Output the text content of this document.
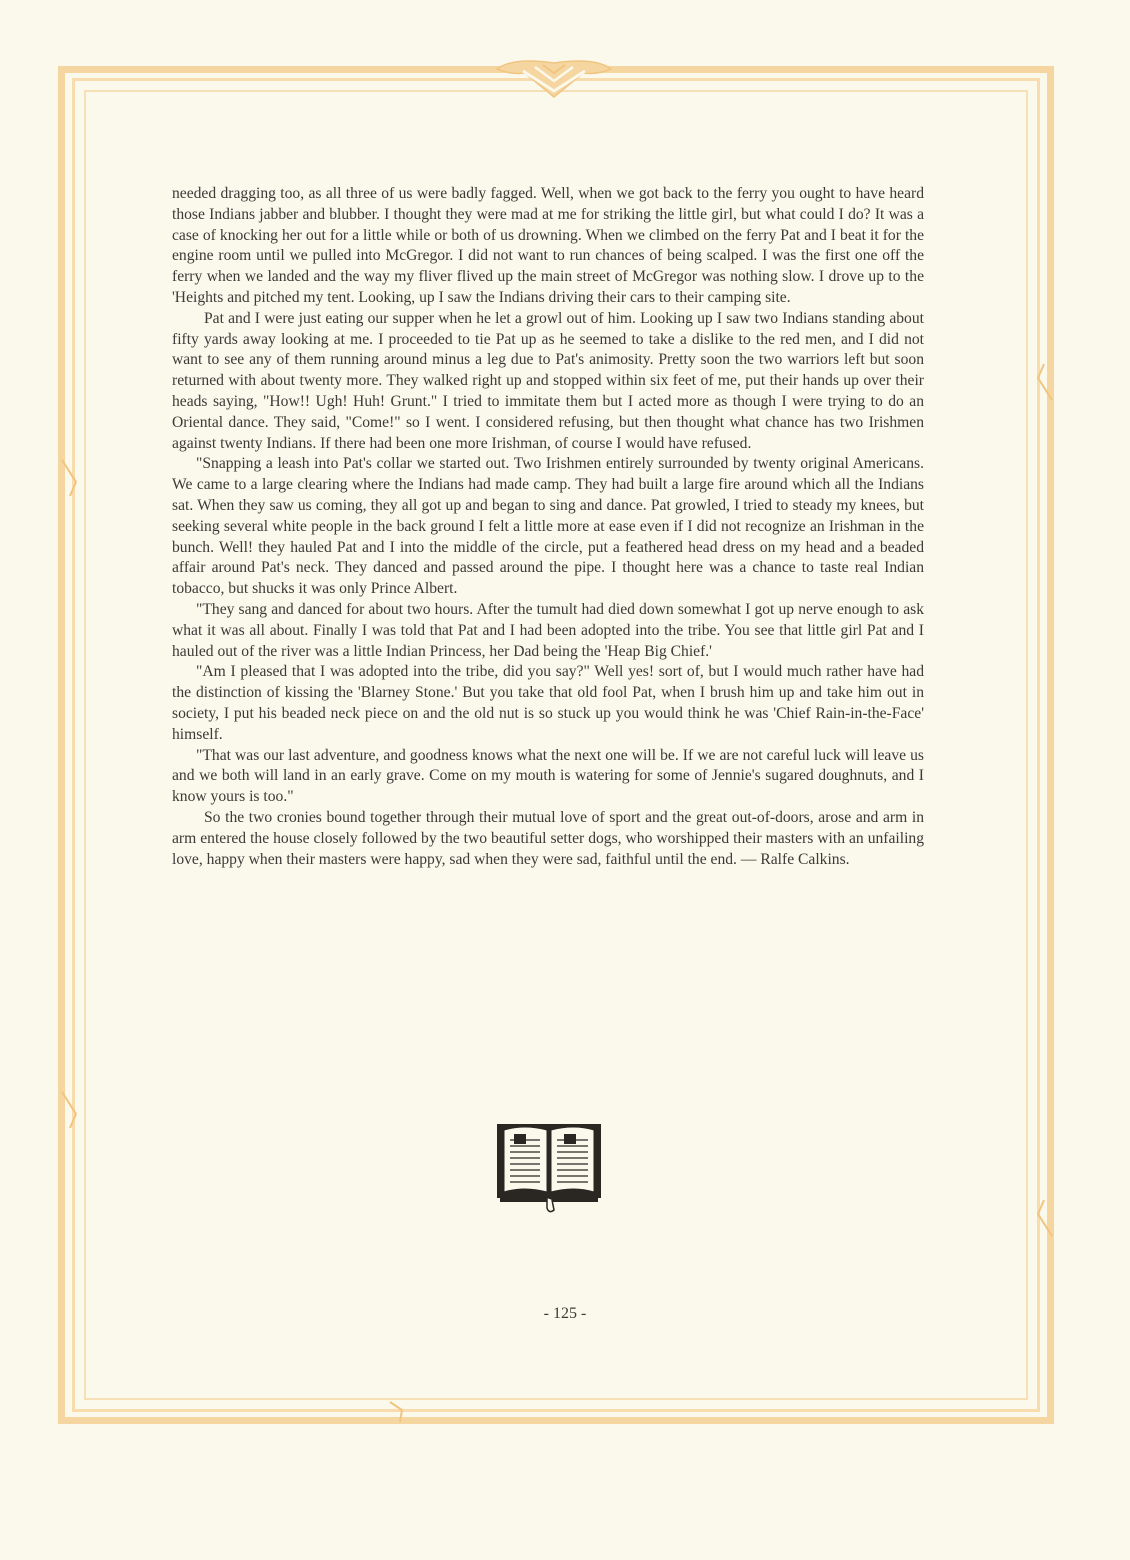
needed dragging too, as all three of us were badly fagged. Well, when we got back to the ferry you ought to have heard those Indians jabber and blubber. I thought they were mad at me for striking the little girl, but what could I do? It was a case of knocking her out for a little while or both of us drowning. When we climbed on the ferry Pat and I beat it for the engine room until we pulled into McGregor. I did not want to run chances of being scalped. I was the first one off the ferry when we landed and the way my fliver flived up the main street of McGregor was nothing slow. I drove up to the 'Heights and pitched my tent. Looking, up I saw the Indians driving their cars to their camping site.

Pat and I were just eating our supper when he let a growl out of him. Looking up I saw two Indians standing about fifty yards away looking at me. I proceeded to tie Pat up as he seemed to take a dislike to the red men, and I did not want to see any of them running around minus a leg due to Pat's animosity. Pretty soon the two warriors left but soon returned with about twenty more. They walked right up and stopped within six feet of me, put their hands up over their heads saying, "How!! Ugh! Huh! Grunt." I tried to immitate them but I acted more as though I were trying to do an Oriental dance. They said, "Come!" so I went. I considered refusing, but then thought what chance has two Irishmen against twenty Indians. If there had been one more Irishman, of course I would have refused.

"Snapping a leash into Pat's collar we started out. Two Irishmen entirely surrounded by twenty original Americans. We came to a large clearing where the Indians had made camp. They had built a large fire around which all the Indians sat. When they saw us coming, they all got up and began to sing and dance. Pat growled, I tried to steady my knees, but seeking several white people in the back ground I felt a little more at ease even if I did not recognize an Irishman in the bunch. Well! they hauled Pat and I into the middle of the circle, put a feathered head dress on my head and a beaded affair around Pat's neck. They danced and passed around the pipe. I thought here was a chance to taste real Indian tobacco, but shucks it was only Prince Albert.

"They sang and danced for about two hours. After the tumult had died down somewhat I got up nerve enough to ask what it was all about. Finally I was told that Pat and I had been adopted into the tribe. You see that little girl Pat and I hauled out of the river was a little Indian Princess, her Dad being the 'Heap Big Chief.'

"Am I pleased that I was adopted into the tribe, did you say?" Well yes! sort of, but I would much rather have had the distinction of kissing the 'Blarney Stone.' But you take that old fool Pat, when I brush him up and take him out in society, I put his beaded neck piece on and the old nut is so stuck up you would think he was 'Chief Rain-in-the-Face' himself.

"That was our last adventure, and goodness knows what the next one will be. If we are not careful luck will leave us and we both will land in an early grave. Come on my mouth is watering for some of Jennie's sugared doughnuts, and I know yours is too."

So the two cronies bound together through their mutual love of sport and the great out-of-doors, arose and arm in arm entered the house closely followed by the two beautiful setter dogs, who worshipped their masters with an unfailing love, happy when their masters were happy, sad when they were sad, faithful until the end. — Ralfe Calkins.

- 125 -
